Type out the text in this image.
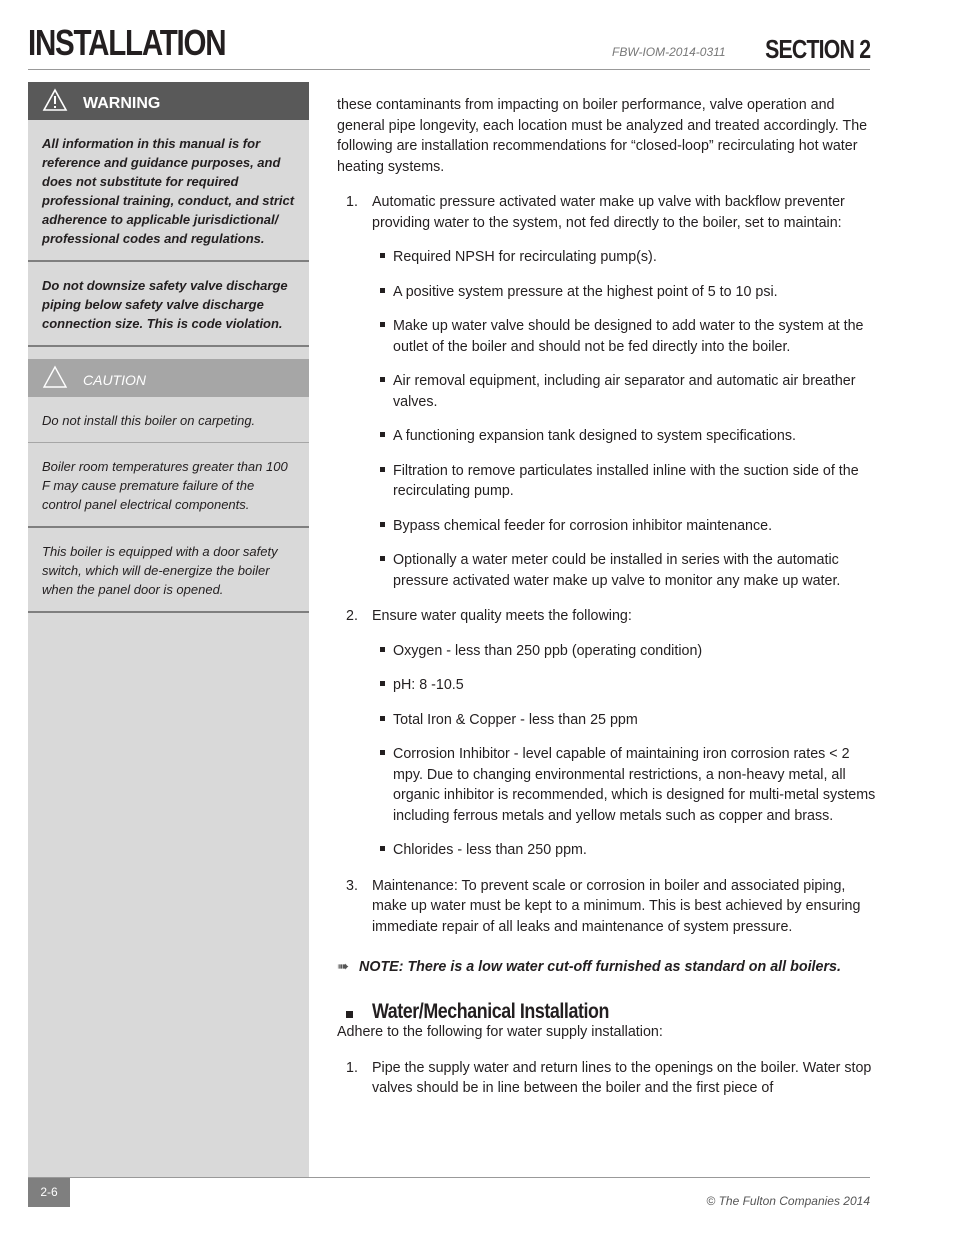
INSTALLATION	FBW-IOM-2014-0311 SECTION 2
WARNING
All information in this manual is for reference and guidance purposes, and does not substitute for required professional training, conduct, and strict adherence to applicable jurisdictional/ professional codes and regulations.
Do not downsize safety valve discharge piping below safety valve discharge connection size. This is code violation.
CAUTION
Do not install this boiler on carpeting.
Boiler room temperatures greater than 100 F may cause premature failure of the control panel electrical components.
This boiler is equipped with a door safety switch, which will de-energize the boiler when the panel door is opened.

these contaminants from impacting on boiler performance, valve operation and general pipe longevity, each location must be analyzed and treated accordingly. The following are installation recommendations for “closed-loop” recirculating hot water heating systems.

1. Automatic pressure activated water make up valve with backflow preventer providing water to the system, not fed directly to the boiler, set to maintain:
Required NPSH for recirculating pump(s).
A positive system pressure at the highest point of 5 to 10 psi.
Make up water valve should be designed to add water to the system at the outlet of the boiler and should not be fed directly into the boiler.
Air removal equipment, including air separator and automatic air breather valves.
A functioning expansion tank designed to system specifications.
Filtration to remove particulates installed inline with the suction side of the recirculating pump.
Bypass chemical feeder for corrosion inhibitor maintenance.
Optionally a water meter could be installed in series with the automatic pressure activated water make up valve to monitor any make up water.
2. Ensure water quality meets the following:
Oxygen - less than 250 ppb (operating condition)
pH: 8 -10.5
Total Iron & Copper - less than 25 ppm
Corrosion Inhibitor - level capable of maintaining iron corrosion rates < 2 mpy. Due to changing environmental restrictions, a non-heavy metal, all organic inhibitor is recommended, which is designed for multi-metal systems including ferrous metals and yellow metals such as copper and brass.
Chlorides - less than 250 ppm.
3. Maintenance: To prevent scale or corrosion in boiler and associated piping, make up water must be kept to a minimum. This is best achieved by ensuring immediate repair of all leaks and maintenance of system pressure.
➠ NOTE: There is a low water cut-off furnished as standard on all boilers.
Water/Mechanical Installation

Adhere to the following for water supply installation:

1. Pipe the supply water and return lines to the openings on the boiler. Water stop valves should be in line between the boiler and the first piece of
2-6
© The Fulton Companies 2014
